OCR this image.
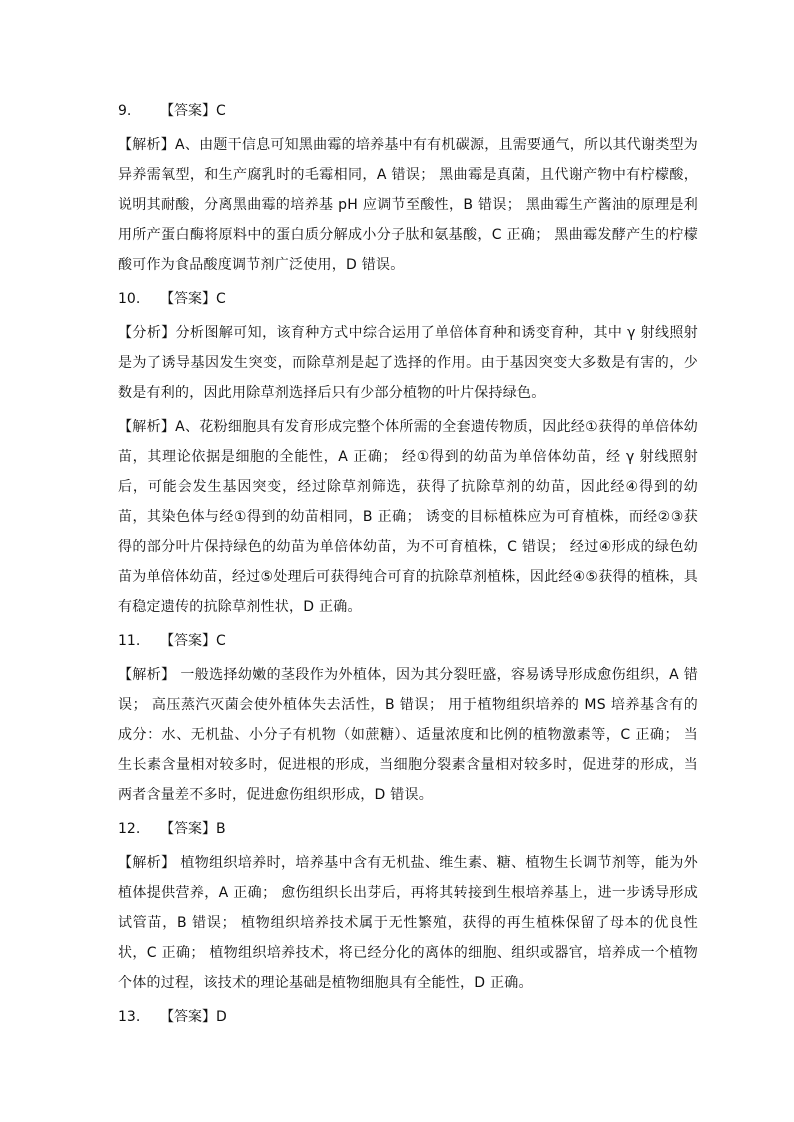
9. 【答案】C

【解析】A、由题干信息可知黑曲霉的培养基中有有机碳源，且需要通气，所以其代谢类型为异养需氧型，和生产腐乳时的毛霉相同，A 错误； 黑曲霉是真菌，且代谢产物中有柠檬酸，说明其耐酸，分离黑曲霉的培养基 pH 应调节至酸性，B 错误； 黑曲霉生产酱油的原理是利用所产蛋白酶将原料中的蛋白质分解成小分子肽和氨基酸，C 正确； 黑曲霉发酵产生的柠檬酸可作为食品酸度调节剂广泛使用，D 错误。

10. 【答案】C

【分析】分析图解可知，该育种方式中综合运用了单倍体育种和诱变育种，其中 γ 射线照射是为了诱导基因发生突变，而除草剂是起了选择的作用。由于基因突变大多数是有害的，少数是有利的，因此用除草剂选择后只有少部分植物的叶片保持绿色。

【解析】A、花粉细胞具有发育形成完整个体所需的全套遗传物质，因此经①获得的单倍体幼苗，其理论依据是细胞的全能性，A 正确； 经①得到的幼苗为单倍体幼苗，经 γ 射线照射后，可能会发生基因突变，经过除草剂筛选，获得了抗除草剂的幼苗，因此经④得到的幼苗，其染色体与经①得到的幼苗相同，B 正确； 诱变的目标植株应为可育植株，而经②③获得的部分叶片保持绿色的幼苗为单倍体幼苗，为不可育植株，C 错误； 经过④形成的绿色幼苗为单倍体幼苗，经过⑤处理后可获得纯合可育的抗除草剂植株，因此经④⑤获得的植株，具有稳定遗传的抗除草剂性状，D 正确。

11. 【答案】C

【解析】 一般选择幼嫩的茎段作为外植体，因为其分裂旺盛，容易诱导形成愈伤组织，A 错误； 高压蒸汽灭菌会使外植体失去活性，B 错误； 用于植物组织培养的 MS 培养基含有的成分：水、无机盐、小分子有机物（如蔗糖）、适量浓度和比例的植物激素等，C 正确； 当生长素含量相对较多时，促进根的形成，当细胞分裂素含量相对较多时，促进芽的形成，当两者含量差不多时，促进愈伤组织形成，D 错误。

12. 【答案】B

【解析】 植物组织培养时，培养基中含有无机盐、维生素、糖、植物生长调节剂等，能为外植体提供营养，A 正确； 愈伤组织长出芽后，再将其转接到生根培养基上，进一步诱导形成试管苗，B 错误； 植物组织培养技术属于无性繁殖，获得的再生植株保留了母本的优良性状，C 正确； 植物组织培养技术，将已经分化的离体的细胞、组织或器官，培养成一个植物个体的过程，该技术的理论基础是植物细胞具有全能性，D 正确。

13. 【答案】D
